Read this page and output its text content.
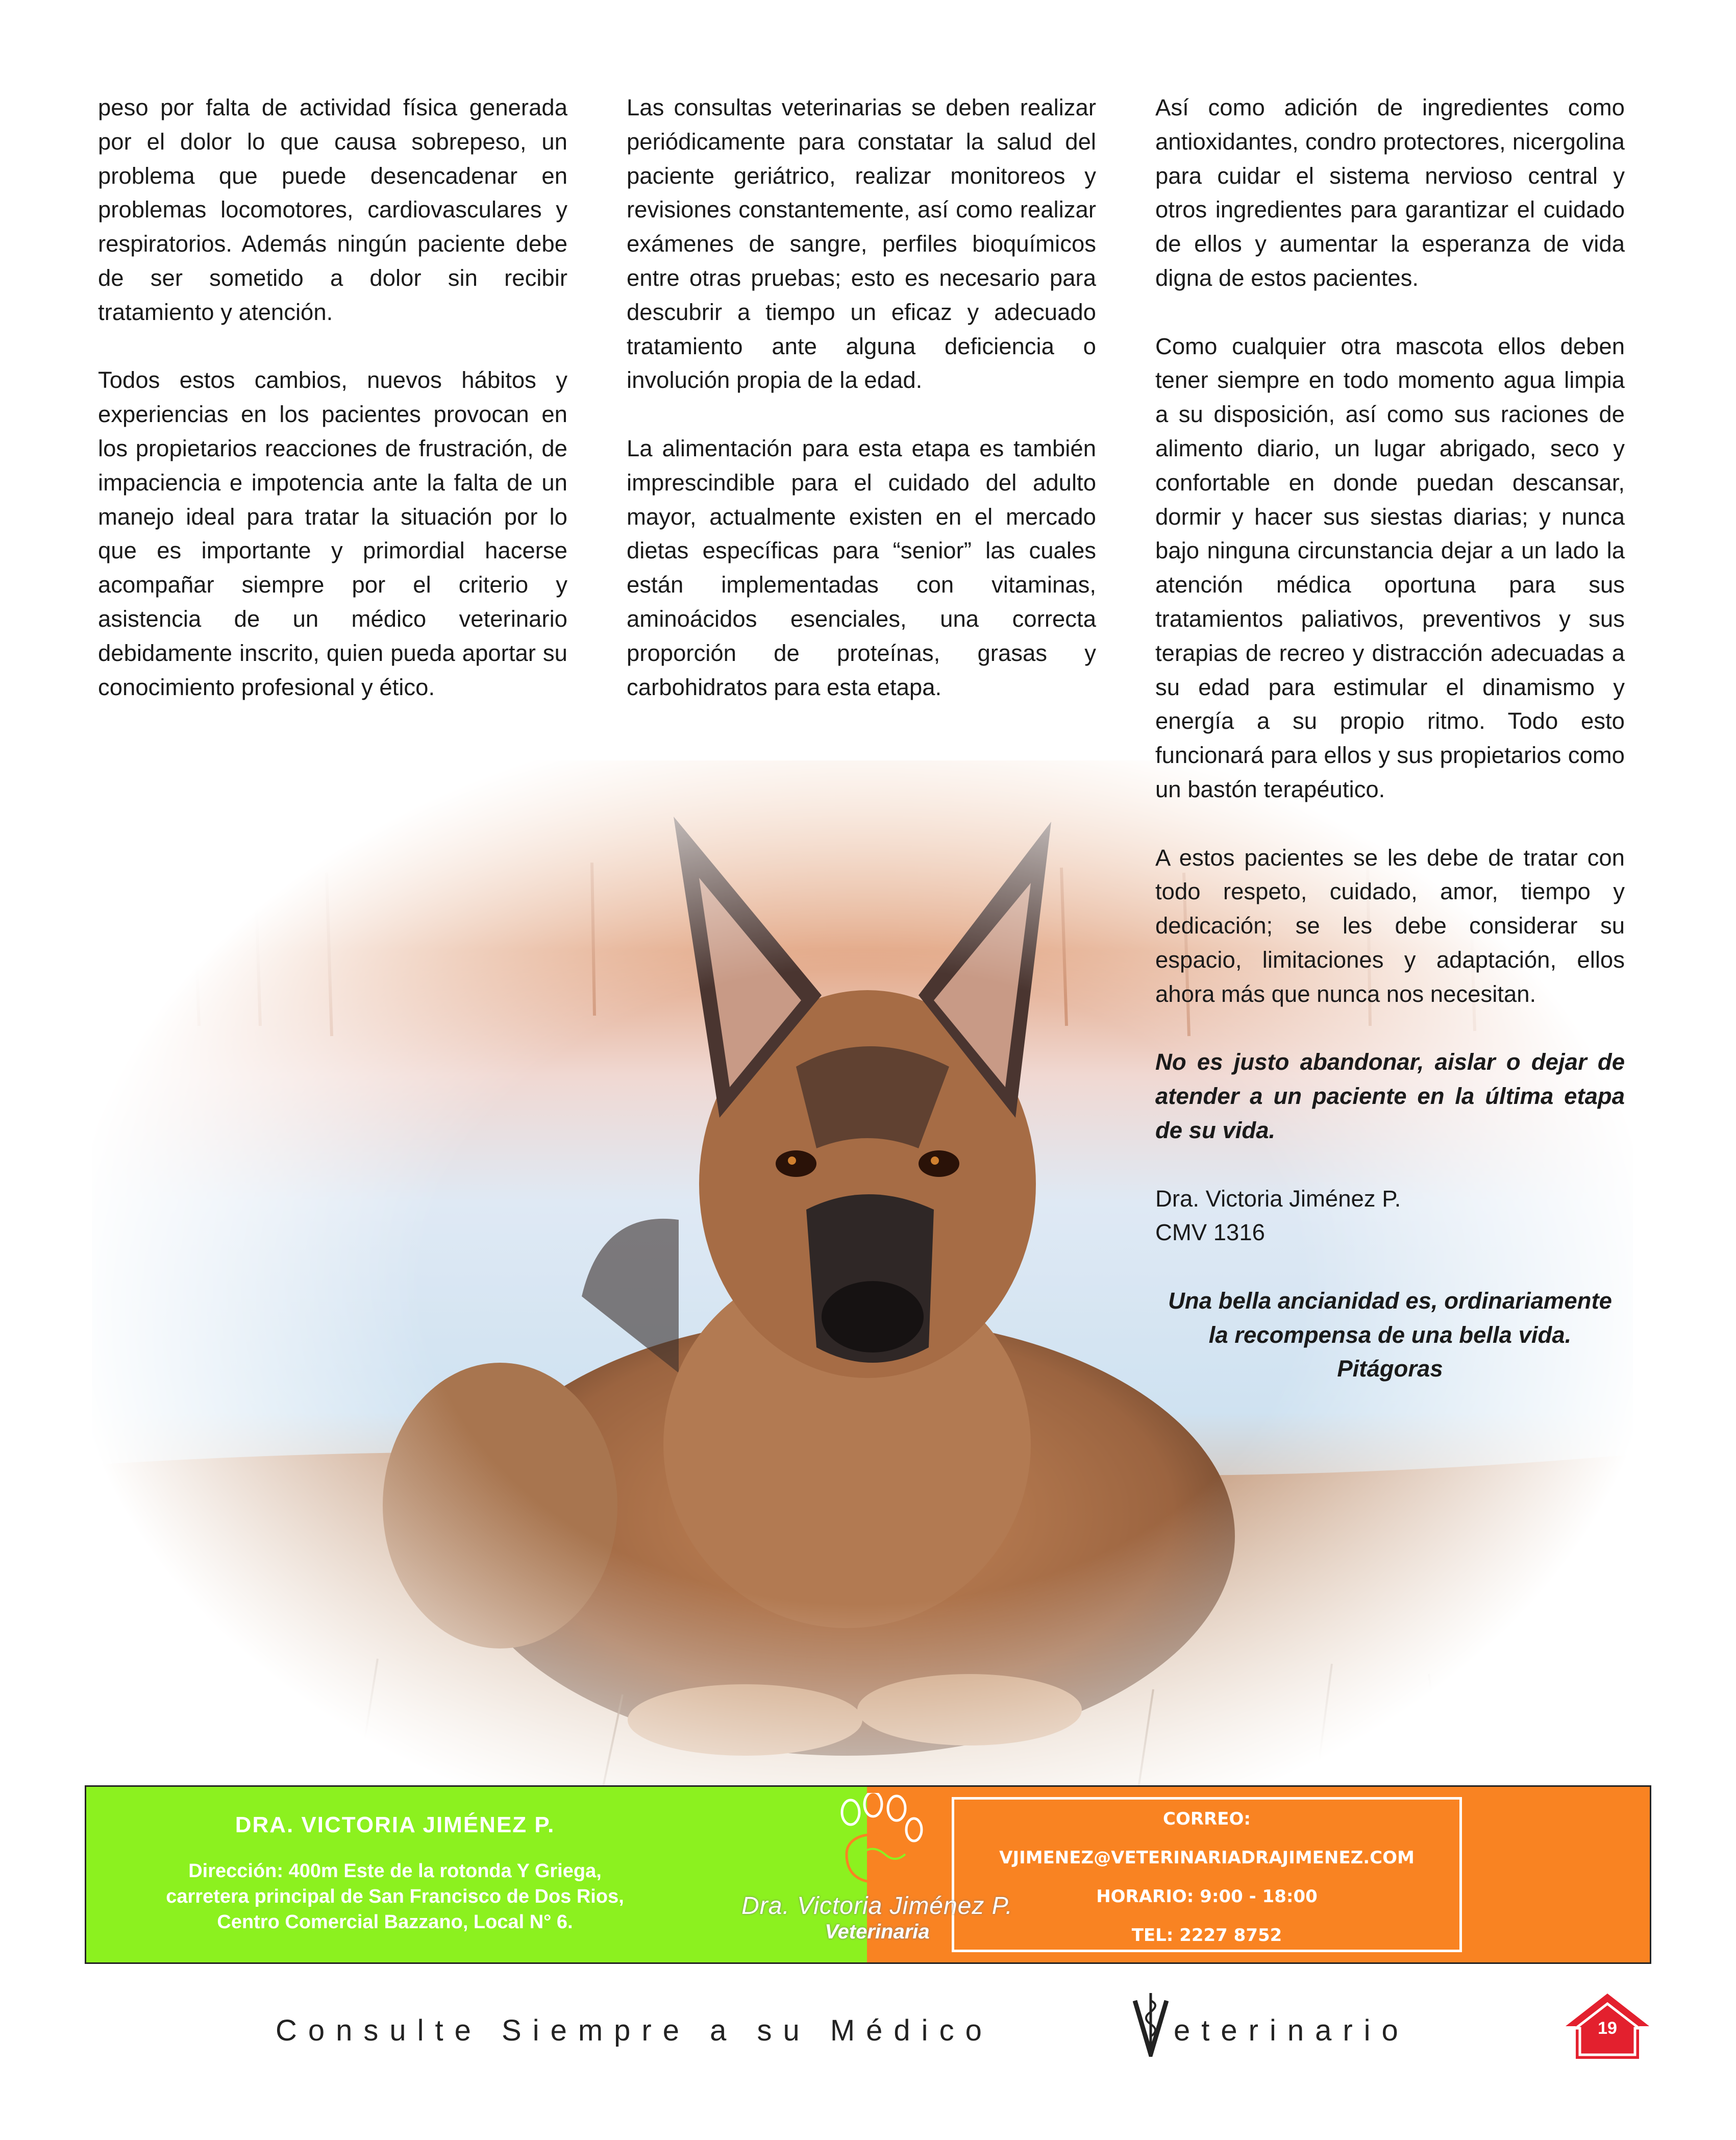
peso por falta de actividad física generada por el dolor lo que causa sobrepeso, un problema que puede desencadenar en problemas locomotores, cardiovasculares y respiratorios. Además ningún paciente debe de ser sometido a dolor sin recibir tratamiento y atención.

Todos estos cambios, nuevos hábitos y experiencias en los pacientes provocan en los propietarios reacciones de frustración, de impaciencia e impotencia ante la falta de un manejo ideal para tratar la situación por lo que es importante y primordial hacerse acompañar siempre por el criterio y asistencia de un médico veterinario debidamente inscrito, quien pueda aportar su conocimiento profesional y ético.

Las consultas veterinarias se deben realizar periódicamente para constatar la salud del paciente geriátrico, realizar monitoreos y revisiones constantemente, así como realizar exámenes de sangre, perfiles bioquímicos entre otras pruebas; esto es necesario para descubrir a tiempo un eficaz y adecuado tratamiento ante alguna deficiencia o involución propia de la edad.

La alimentación para esta etapa es también imprescindible para el cuidado del adulto mayor, actualmente existen en el mercado dietas específicas para “senior” las cuales están implementadas con vitaminas, aminoácidos esenciales, una correcta proporción de proteínas, grasas y carbohidratos para esta etapa.

Así como adición de ingredientes como antioxidantes, condro protectores, nicergolina para cuidar el sistema nervioso central y otros ingredientes para garantizar el cuidado de ellos y aumentar la esperanza de vida digna de estos pacientes.

Como cualquier otra mascota ellos deben tener siempre en todo momento agua limpia a su disposición, así como sus raciones de alimento diario, un lugar abrigado, seco y confortable en donde puedan descansar, dormir y hacer sus siestas diarias; y nunca bajo ninguna circunstancia dejar a un lado la atención médica oportuna para sus tratamientos paliativos, preventivos y sus terapias de recreo y distracción adecuadas a su edad para estimular el dinamismo y energía a su propio ritmo. Todo esto funcionará para ellos y sus propietarios como un bastón terapéutico.

A estos pacientes se les debe de tratar con todo respeto, cuidado, amor, tiempo y dedicación; se les debe considerar su espacio, limitaciones y adaptación, ellos ahora más que nunca nos necesitan.

No es justo abandonar, aislar o dejar de atender a un paciente en la última etapa de su vida.

Dra. Victoria Jiménez P.

CMV 1316

Una bella ancianidad es, ordinariamente
la recompensa de una bella vida.
Pitágoras
DRA. VICTORIA JIMÉNEZ P.
Dirección: 400m Este de la rotonda Y Griega,
carretera principal de San Francisco de Dos Rios,
Centro Comercial Bazzano, Local N° 6.
CORREO:
VJIMENEZ@VETERINARIADRAJIMENEZ.COM
HORARIO: 9:00 - 18:00
TEL: 2227 8752
Dra. Victoria Jiménez P.
Veterinaria
Consulte Siempre a su Médico	eterinario	19
